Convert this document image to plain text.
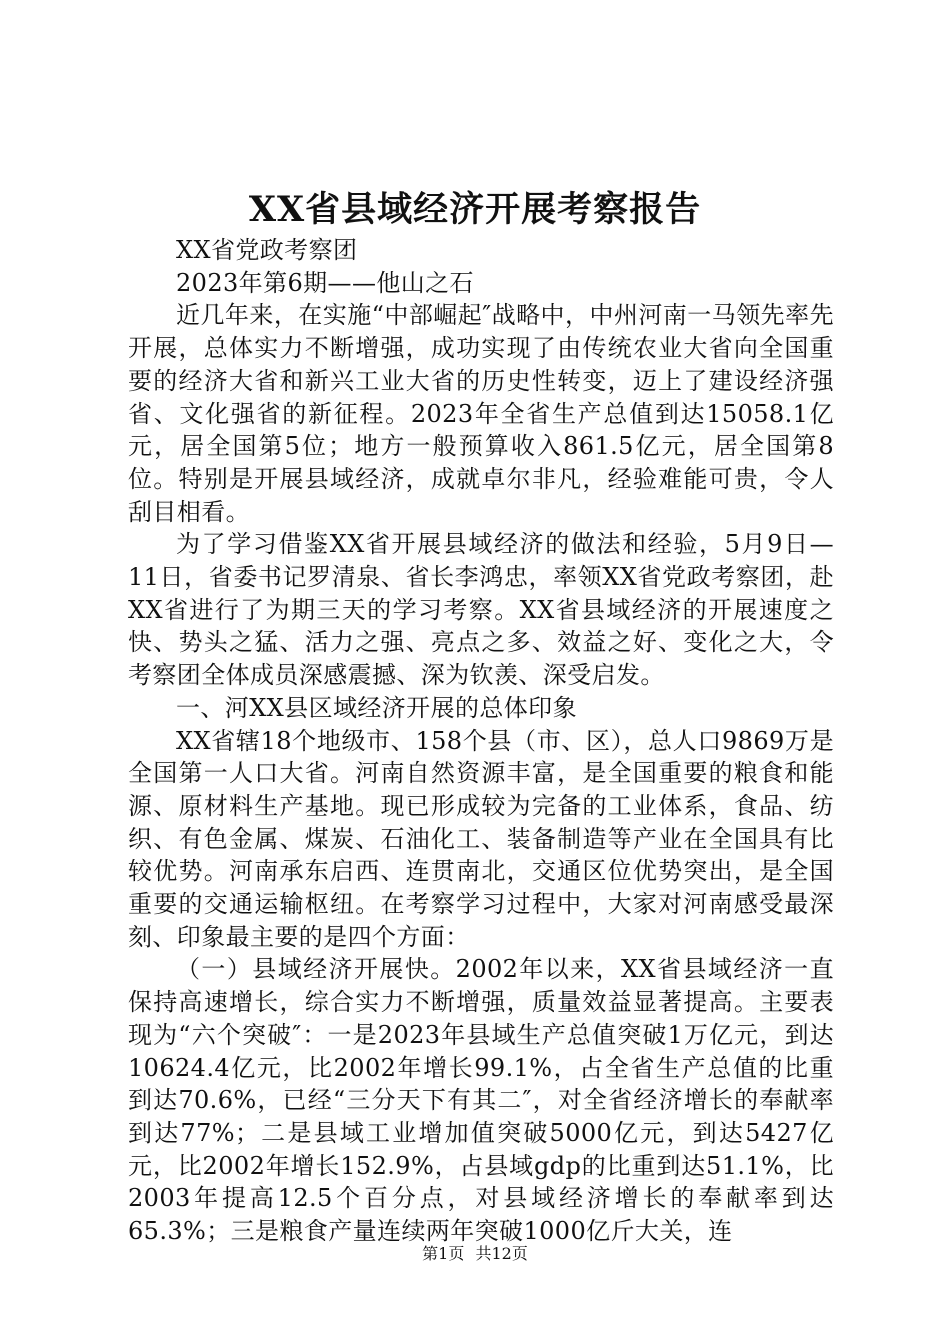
XX省县域经济开展考察报告

XX省党政考察团

2023年第6期——他山之石

近几年来，在实施“中部崛起″战略中，中州河南一马领先率先开展，总体实力不断增强，成功实现了由传统农业大省向全国重要的经济大省和新兴工业大省的历史性转变，迈上了建设经济强省、文化强省的新征程。2023年全省生产总值到达15058.1亿元，居全国第5位；地方一般预算收入861.5亿元，居全国第8位。特别是开展县域经济，成就卓尔非凡，经验难能可贵，令人刮目相看。

为了学习借鉴XX省开展县域经济的做法和经验，5月9日—11日，省委书记罗清泉、省长李鸿忠，率领XX省党政考察团，赴XX省进行了为期三天的学习考察。XX省县域经济的开展速度之快、势头之猛、活力之强、亮点之多、效益之好、变化之大，令考察团全体成员深感震撼、深为钦羡、深受启发。

一、河XX县区域经济开展的总体印象

XX省辖18个地级市、158个县（市、区），总人口9869万是全国第一人口大省。河南自然资源丰富，是全国重要的粮食和能源、原材料生产基地。现已形成较为完备的工业体系，食品、纺织、有色金属、煤炭、石油化工、装备制造等产业在全国具有比较优势。河南承东启西、连贯南北，交通区位优势突出，是全国重要的交通运输枢纽。在考察学习过程中，大家对河南感受最深刻、印象最主要的是四个方面：

（一）县域经济开展快。2002年以来，XX省县域经济一直保持高速增长，综合实力不断增强，质量效益显著提高。主要表现为“六个突破″：一是2023年县域生产总值突破1万亿元，到达10624.4亿元，比2002年增长99.1%，占全省生产总值的比重到达70.6%，已经“三分天下有其二″，对全省经济增长的奉献率到达77%；二是县域工业增加值突破5000亿元，到达5427亿元，比2002年增长152.9%，占县域gdp的比重到达51.1%，比2003年提高12.5个百分点，对县域经济增长的奉献率到达65.3%；三是粮食产量连续两年突破1000亿斤大关，连

第1页 共12页
